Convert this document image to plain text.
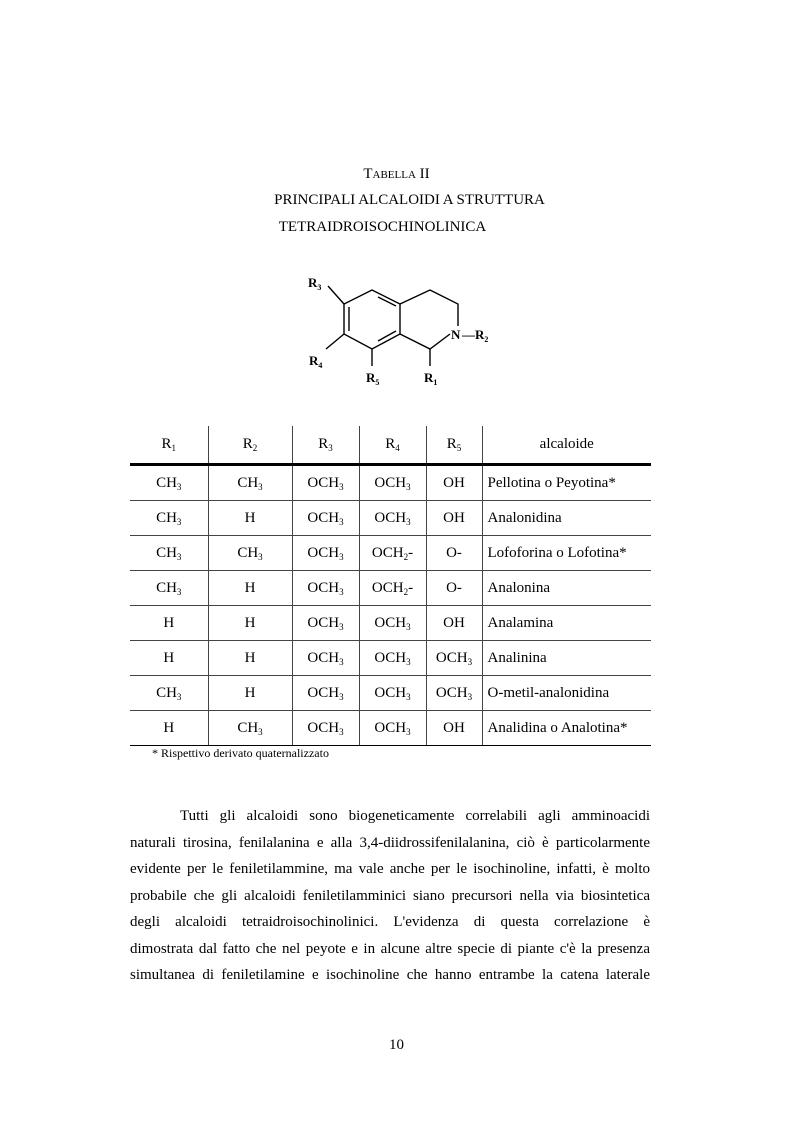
Tabella II
PRINCIPALI ALCALOIDI A STRUTTURA
TETRAIDROISOCHINOLINICA
$R_3$
$R_4$
$R_5$	$R_1$
N $—R_2$
$R_1$	$R_2$	$R_3$	$R_4$	$R_5$	alcaloide
$CH_3$	$CH_3$	$OCH_3$	$OCH_3$	OH	Pellotina o Peyotina*
$CH_3$	H	$OCH_3$	$OCH_3$	OH	Analonidina
$CH_3$	$CH_3$	$OCH_3$	$OCH_2-$	O-	Lofoforina o Lofotina*
$CH_3$	H	$OCH_3$	$OCH_2-$	O-	Analonina
H	H	$OCH_3$	$OCH_3$	OH	Analamina
H	H	$OCH_3$	$OCH_3$	$OCH_3$	Analinina
$CH_3$	H	$OCH_3$	$OCH_3$	$OCH_3$	O-metil-analonidina
H	$CH_3$	$OCH_3$	$OCH_3$	OH	Analidina o Analotina*
* Rispettivo derivato quaternalizzato
Tutti gli alcaloidi sono biogeneticamente correlabili agli amminoacidi
naturali tirosina, fenilalanina e alla 3,4-diidrossifenilalanina, ciò è particolarmente
evidente per le feniletilammine, ma vale anche per le isochinoline, infatti, è molto
probabile che gli alcaloidi feniletilamminici siano precursori nella via biosintetica
degli alcaloidi tetraidroisochinolinici. L'evidenza di questa correlazione è
dimostrata dal fatto che nel peyote e in alcune altre specie di piante c'è la presenza
simultanea di feniletilamine e isochinoline che hanno entrambe la catena laterale
10
